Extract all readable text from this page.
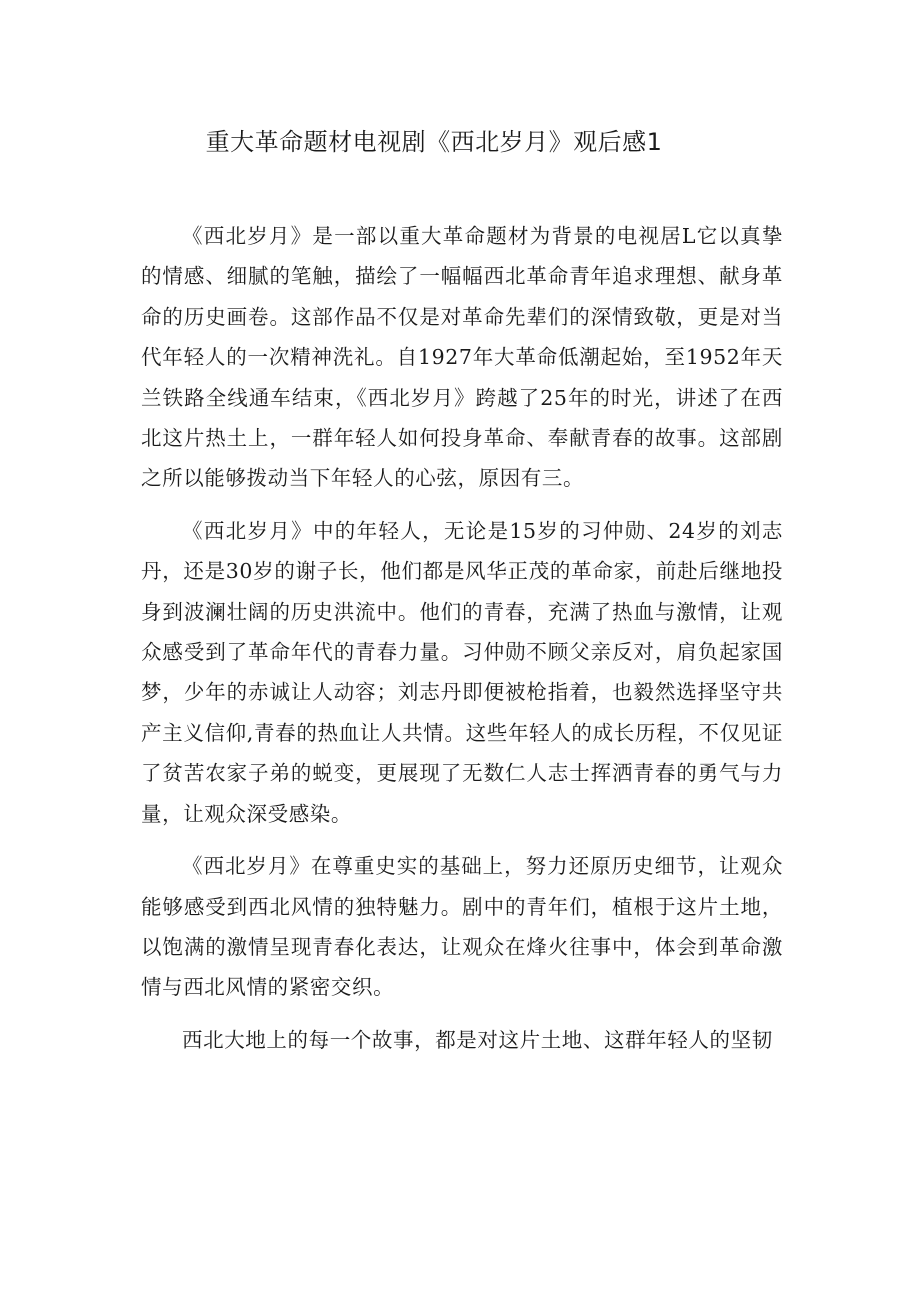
重大革命题材电视剧《西北岁月》观后感1

《西北岁月》是一部以重大革命题材为背景的电视居L它以真挚的情感、细腻的笔触，描绘了一幅幅西北革命青年追求理想、献身革命的历史画卷。这部作品不仅是对革命先辈们的深情致敬，更是对当代年轻人的一次精神洗礼。自1927年大革命低潮起始，至1952年天兰铁路全线通车结束，《西北岁月》跨越了25年的时光，讲述了在西北这片热土上，一群年轻人如何投身革命、奉献青春的故事。这部剧之所以能够拨动当下年轻人的心弦，原因有三。

《西北岁月》中的年轻人，无论是15岁的习仲勋、24岁的刘志丹，还是30岁的谢子长，他们都是风华正茂的革命家，前赴后继地投身到波澜壮阔的历史洪流中。他们的青春，充满了热血与激情，让观众感受到了革命年代的青春力量。习仲勋不顾父亲反对，肩负起家国梦，少年的赤诚让人动容；刘志丹即便被枪指着，也毅然选择坚守共产主义信仰,青春的热血让人共情。这些年轻人的成长历程，不仅见证了贫苦农家子弟的蜕变，更展现了无数仁人志士挥洒青春的勇气与力量，让观众深受感染。

《西北岁月》在尊重史实的基础上，努力还原历史细节，让观众能够感受到西北风情的独特魅力。剧中的青年们，植根于这片土地，以饱满的激情呈现青春化表达，让观众在烽火往事中，体会到革命激情与西北风情的紧密交织。

西北大地上的每一个故事，都是对这片土地、这群年轻人的坚韧
